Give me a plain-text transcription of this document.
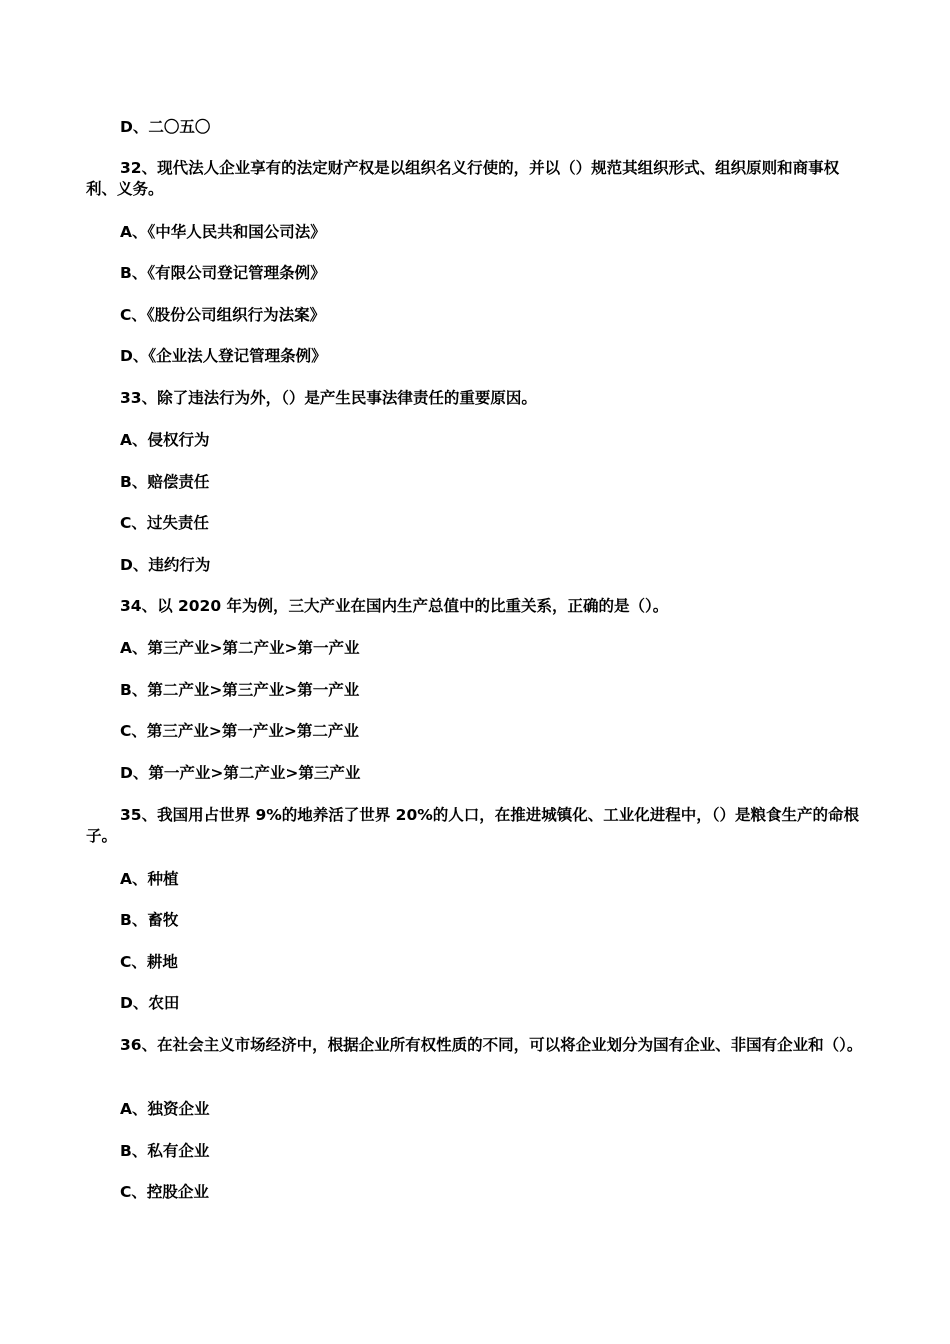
D、二〇五〇
32、现代法人企业享有的法定财产权是以组织名义行使的，并以（）规范其组织形式、组织原则和商事权利、义务。
A、《中华人民共和国公司法》
B、《有限公司登记管理条例》
C、《股份公司组织行为法案》
D、《企业法人登记管理条例》
33、除了违法行为外，（）是产生民事法律责任的重要原因。
A、侵权行为
B、赔偿责任
C、过失责任
D、违约行为
34、以 2020 年为例，三大产业在国内生产总值中的比重关系，正确的是（）。
A、第三产业>第二产业>第一产业
B、第二产业>第三产业>第一产业
C、第三产业>第一产业>第二产业
D、第一产业>第二产业>第三产业
35、我国用占世界 9%的地养活了世界 20%的人口，在推进城镇化、工业化进程中，（）是粮食生产的命根子。
A、种植
B、畜牧
C、耕地
D、农田
36、在社会主义市场经济中，根据企业所有权性质的不同，可以将企业划分为国有企业、非国有企业和（）。
A、独资企业
B、私有企业
C、控股企业
